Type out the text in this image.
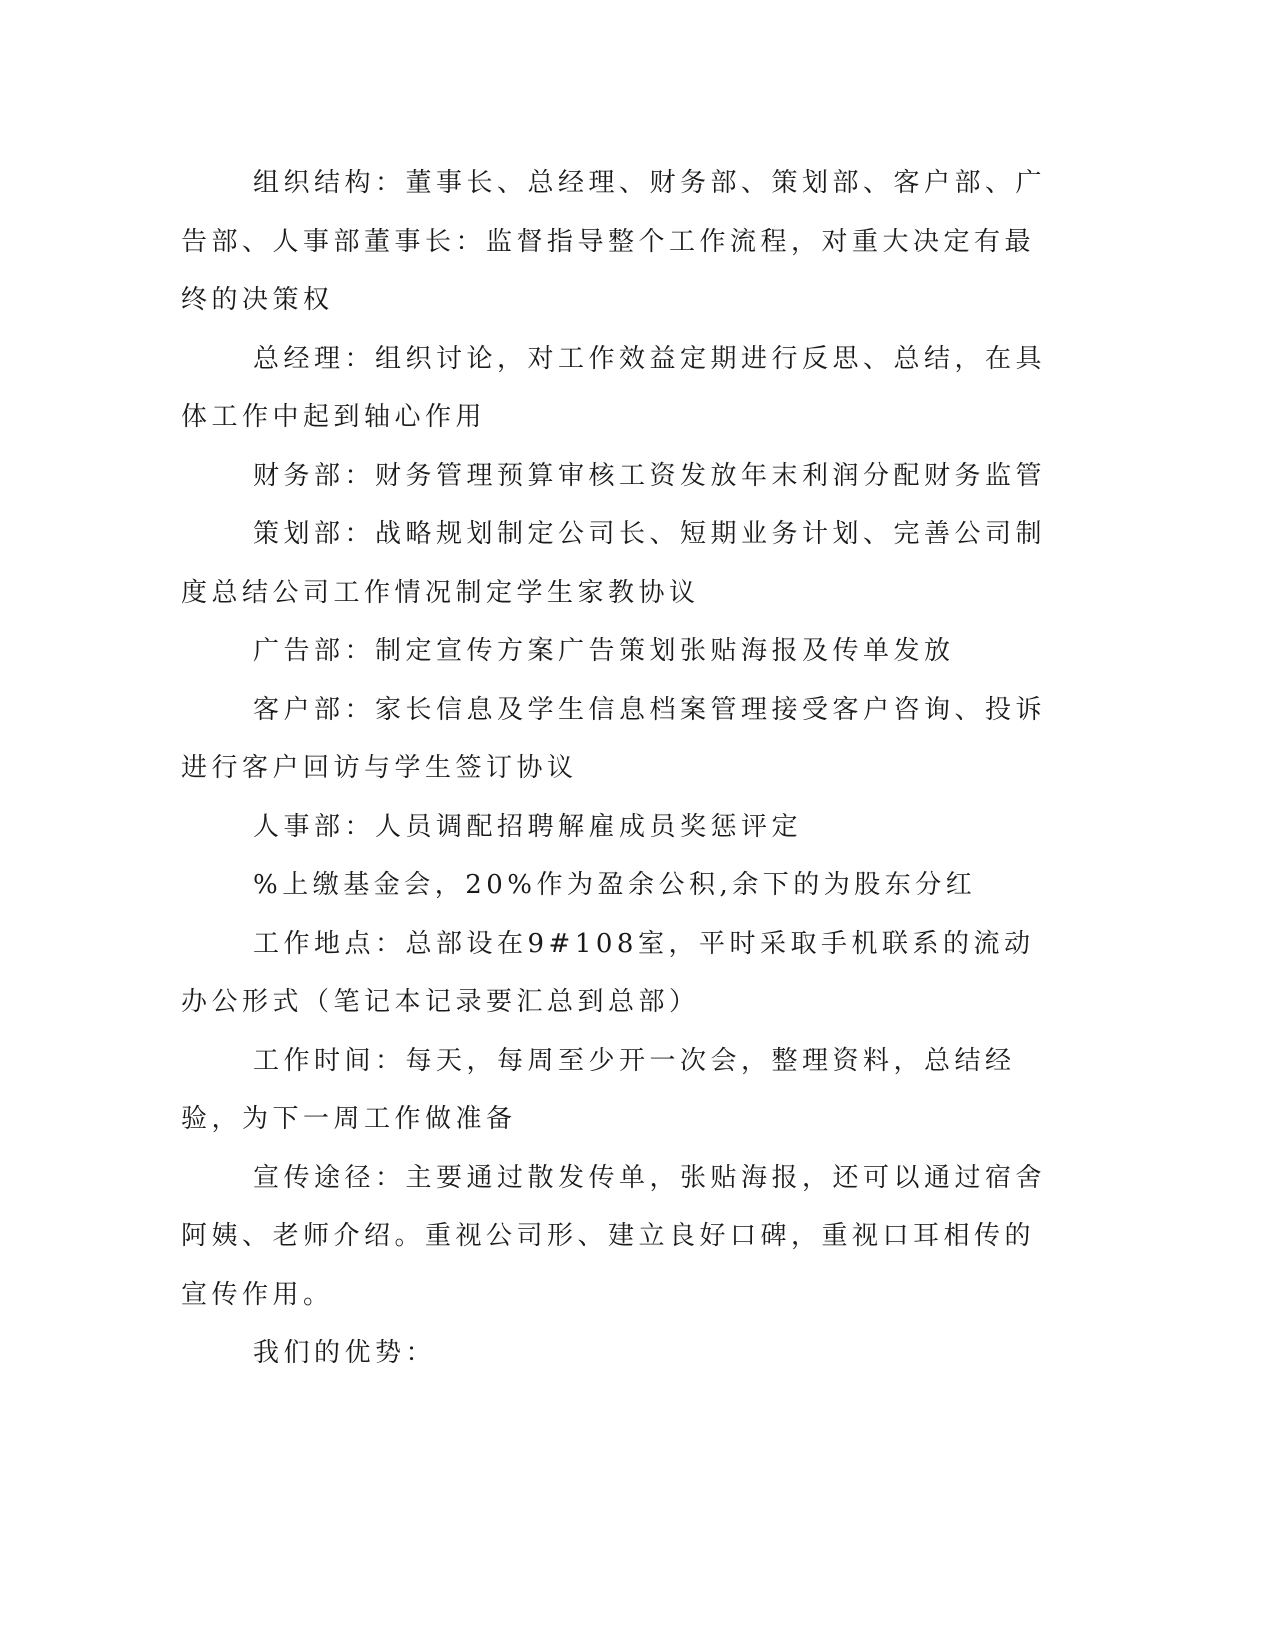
组织结构：董事长、总经理、财务部、策划部、客户部、广告部、人事部董事长：监督指导整个工作流程，对重大决定有最终的决策权

总经理：组织讨论，对工作效益定期进行反思、总结，在具体工作中起到轴心作用

财务部：财务管理预算审核工资发放年末利润分配财务监管

策划部：战略规划制定公司长、短期业务计划、完善公司制度总结公司工作情况制定学生家教协议

广告部：制定宣传方案广告策划张贴海报及传单发放

客户部：家长信息及学生信息档案管理接受客户咨询、投诉进行客户回访与学生签订协议

人事部：人员调配招聘解雇成员奖惩评定

%上缴基金会，20%作为盈余公积,余下的为股东分红

工作地点：总部设在9#108室，平时采取手机联系的流动办公形式（笔记本记录要汇总到总部）

工作时间：每天，每周至少开一次会，整理资料，总结经验，为下一周工作做准备

宣传途径：主要通过散发传单，张贴海报，还可以通过宿舍阿姨、老师介绍。重视公司形、建立良好口碑，重视口耳相传的宣传作用。

我们的优势：
